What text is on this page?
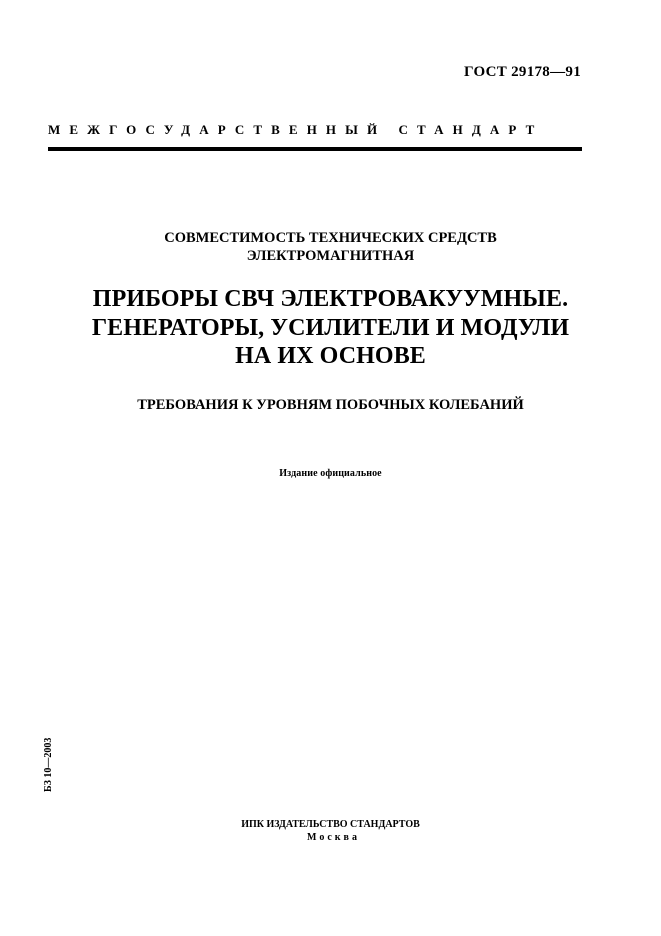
ГОСТ 29178—91
МЕЖГОСУДАРСТВЕННЫЙ СТАНДАРТ
СОВМЕСТИМОСТЬ ТЕХНИЧЕСКИХ СРЕДСТВ
ЭЛЕКТРОМАГНИТНАЯ
ПРИБОРЫ СВЧ ЭЛЕКТРОВАКУУМНЫЕ.
ГЕНЕРАТОРЫ, УСИЛИТЕЛИ И МОДУЛИ
НА ИХ ОСНОВЕ
ТРЕБОВАНИЯ К УРОВНЯМ ПОБОЧНЫХ КОЛЕБАНИЙ
Издание официальное
БЗ 10—2003
ИПК ИЗДАТЕЛЬСТВО СТАНДАРТОВ
Москва
